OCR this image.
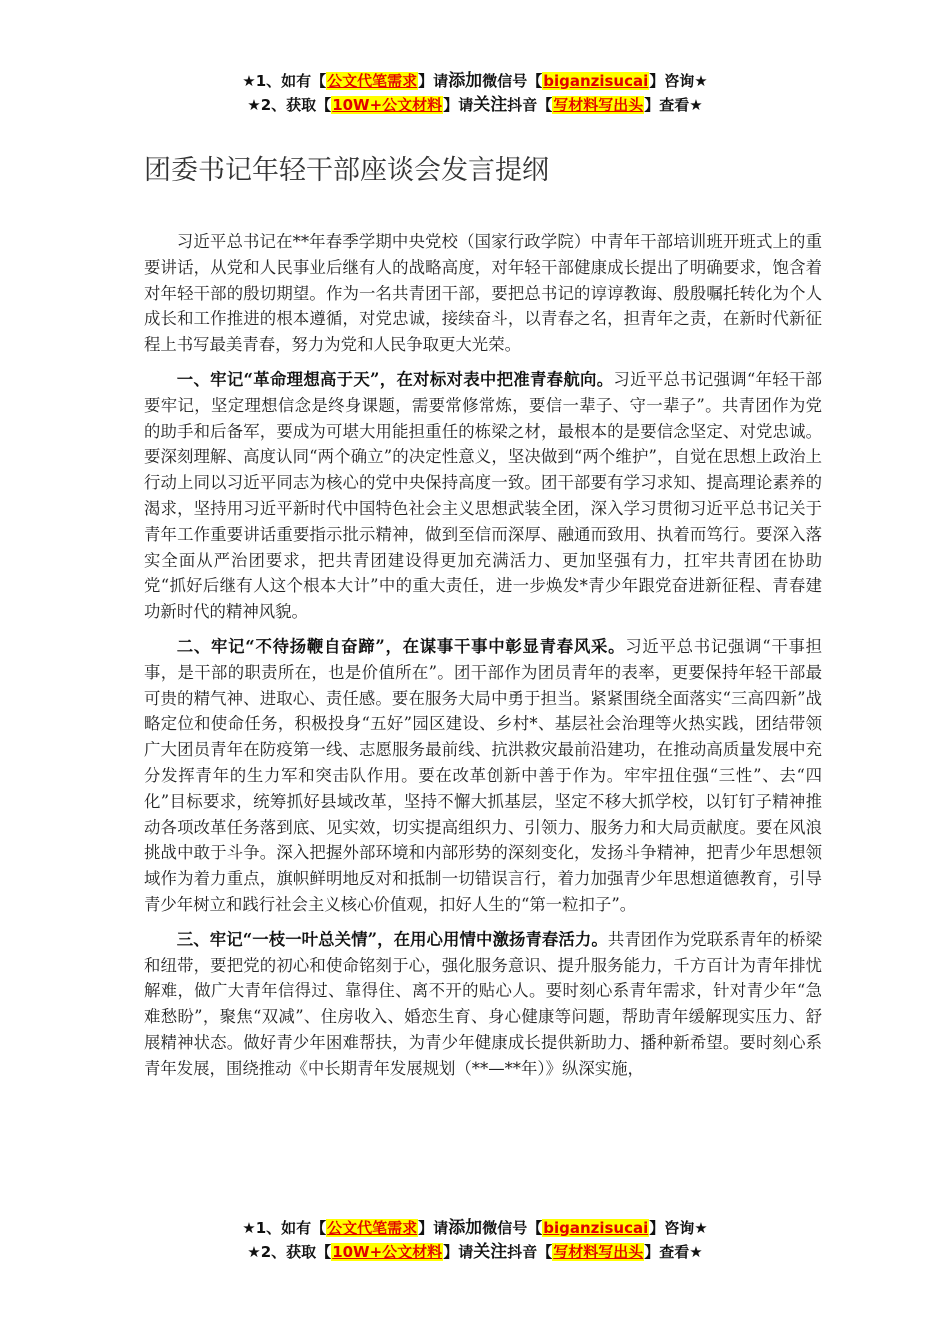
★1、如有【公文代笔需求】请添加微信号【biganzisucai】咨询★
★2、获取【10W+公文材料】请关注抖音【写材料写出头】查看★
团委书记年轻干部座谈会发言提纲

习近平总书记在**年春季学期中央党校（国家行政学院）中青年干部培训班开班式上的重要讲话，从党和人民事业后继有人的战略高度，对年轻干部健康成长提出了明确要求，饱含着对年轻干部的殷切期望。作为一名共青团干部，要把总书记的谆谆教诲、殷殷嘱托转化为个人成长和工作推进的根本遵循，对党忠诚，接续奋斗，以青春之名，担青年之责，在新时代新征程上书写最美青春，努力为党和人民争取更大光荣。

一、牢记“革命理想高于天”，在对标对表中把准青春航向。习近平总书记强调“年轻干部要牢记，坚定理想信念是终身课题，需要常修常炼，要信一辈子、守一辈子”。共青团作为党的助手和后备军，要成为可堪大用能担重任的栋梁之材，最根本的是要信念坚定、对党忠诚。要深刻理解、高度认同“两个确立”的决定性意义，坚决做到“两个维护”，自觉在思想上政治上行动上同以习近平同志为核心的党中央保持高度一致。团干部要有学习求知、提高理论素养的渴求，坚持用习近平新时代中国特色社会主义思想武装全团，深入学习贯彻习近平总书记关于青年工作重要讲话重要指示批示精神，做到至信而深厚、融通而致用、执着而笃行。要深入落实全面从严治团要求，把共青团建设得更加充满活力、更加坚强有力，扛牢共青团在协助党“抓好后继有人这个根本大计”中的重大责任，进一步焕发*青少年跟党奋进新征程、青春建功新时代的精神风貌。

二、牢记“不待扬鞭自奋蹄”，在谋事干事中彰显青春风采。习近平总书记强调“干事担事，是干部的职责所在，也是价值所在”。团干部作为团员青年的表率，更要保持年轻干部最可贵的精气神、进取心、责任感。要在服务大局中勇于担当。紧紧围绕全面落实“三高四新”战略定位和使命任务，积极投身“五好”园区建设、乡村*、基层社会治理等火热实践，团结带领广大团员青年在防疫第一线、志愿服务最前线、抗洪救灾最前沿建功，在推动高质量发展中充分发挥青年的生力军和突击队作用。要在改革创新中善于作为。牢牢扭住强“三性”、去“四化”目标要求，统筹抓好县域改革，坚持不懈大抓基层，坚定不移大抓学校，以钉钉子精神推动各项改革任务落到底、见实效，切实提高组织力、引领力、服务力和大局贡献度。要在风浪挑战中敢于斗争。深入把握外部环境和内部形势的深刻变化，发扬斗争精神，把青少年思想领域作为着力重点，旗帜鲜明地反对和抵制一切错误言行，着力加强青少年思想道德教育，引导青少年树立和践行社会主义核心价值观，扣好人生的“第一粒扣子”。

三、牢记“一枝一叶总关情”，在用心用情中激扬青春活力。共青团作为党联系青年的桥梁和纽带，要把党的初心和使命铭刻于心，强化服务意识、提升服务能力，千方百计为青年排忧解难，做广大青年信得过、靠得住、离不开的贴心人。要时刻心系青年需求，针对青少年“急难愁盼”，聚焦“双减”、住房收入、婚恋生育、身心健康等问题，帮助青年缓解现实压力、舒展精神状态。做好青少年困难帮扶，为青少年健康成长提供新助力、播种新希望。要时刻心系青年发展，围绕推动《中长期青年发展规划（**—**年）》纵深实施，

★1、如有【公文代笔需求】请添加微信号【biganzisucai】咨询★
★2、获取【10W+公文材料】请关注抖音【写材料写出头】查看★
